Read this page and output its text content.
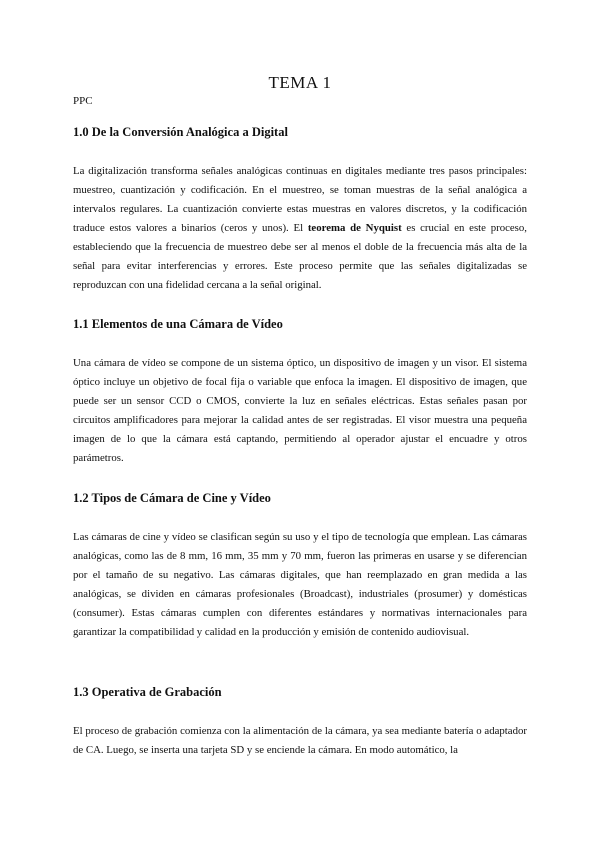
TEMA 1
PPC
1.0 De la Conversión Analógica a Digital

La digitalización transforma señales analógicas continuas en digitales mediante tres pasos principales: muestreo, cuantización y codificación. En el muestreo, se toman muestras de la señal analógica a intervalos regulares. La cuantización convierte estas muestras en valores discretos, y la codificación traduce estos valores a binarios (ceros y unos). El teorema de Nyquist es crucial en este proceso, estableciendo que la frecuencia de muestreo debe ser al menos el doble de la frecuencia más alta de la señal para evitar interferencias y errores. Este proceso permite que las señales digitalizadas se reproduzcan con una fidelidad cercana a la señal original.

1.1 Elementos de una Cámara de Vídeo

Una cámara de vídeo se compone de un sistema óptico, un dispositivo de imagen y un visor. El sistema óptico incluye un objetivo de focal fija o variable que enfoca la imagen. El dispositivo de imagen, que puede ser un sensor CCD o CMOS, convierte la luz en señales eléctricas. Estas señales pasan por circuitos amplificadores para mejorar la calidad antes de ser registradas. El visor muestra una pequeña imagen de lo que la cámara está captando, permitiendo al operador ajustar el encuadre y otros parámetros.

1.2 Tipos de Cámara de Cine y Vídeo

Las cámaras de cine y vídeo se clasifican según su uso y el tipo de tecnología que emplean. Las cámaras analógicas, como las de 8 mm, 16 mm, 35 mm y 70 mm, fueron las primeras en usarse y se diferencian por el tamaño de su negativo. Las cámaras digitales, que han reemplazado en gran medida a las analógicas, se dividen en cámaras profesionales (Broadcast), industriales (prosumer) y domésticas (consumer). Estas cámaras cumplen con diferentes estándares y normativas internacionales para garantizar la compatibilidad y calidad en la producción y emisión de contenido audiovisual.

1.3 Operativa de Grabación

El proceso de grabación comienza con la alimentación de la cámara, ya sea mediante batería o adaptador de CA. Luego, se inserta una tarjeta SD y se enciende la cámara. En modo automático, la
